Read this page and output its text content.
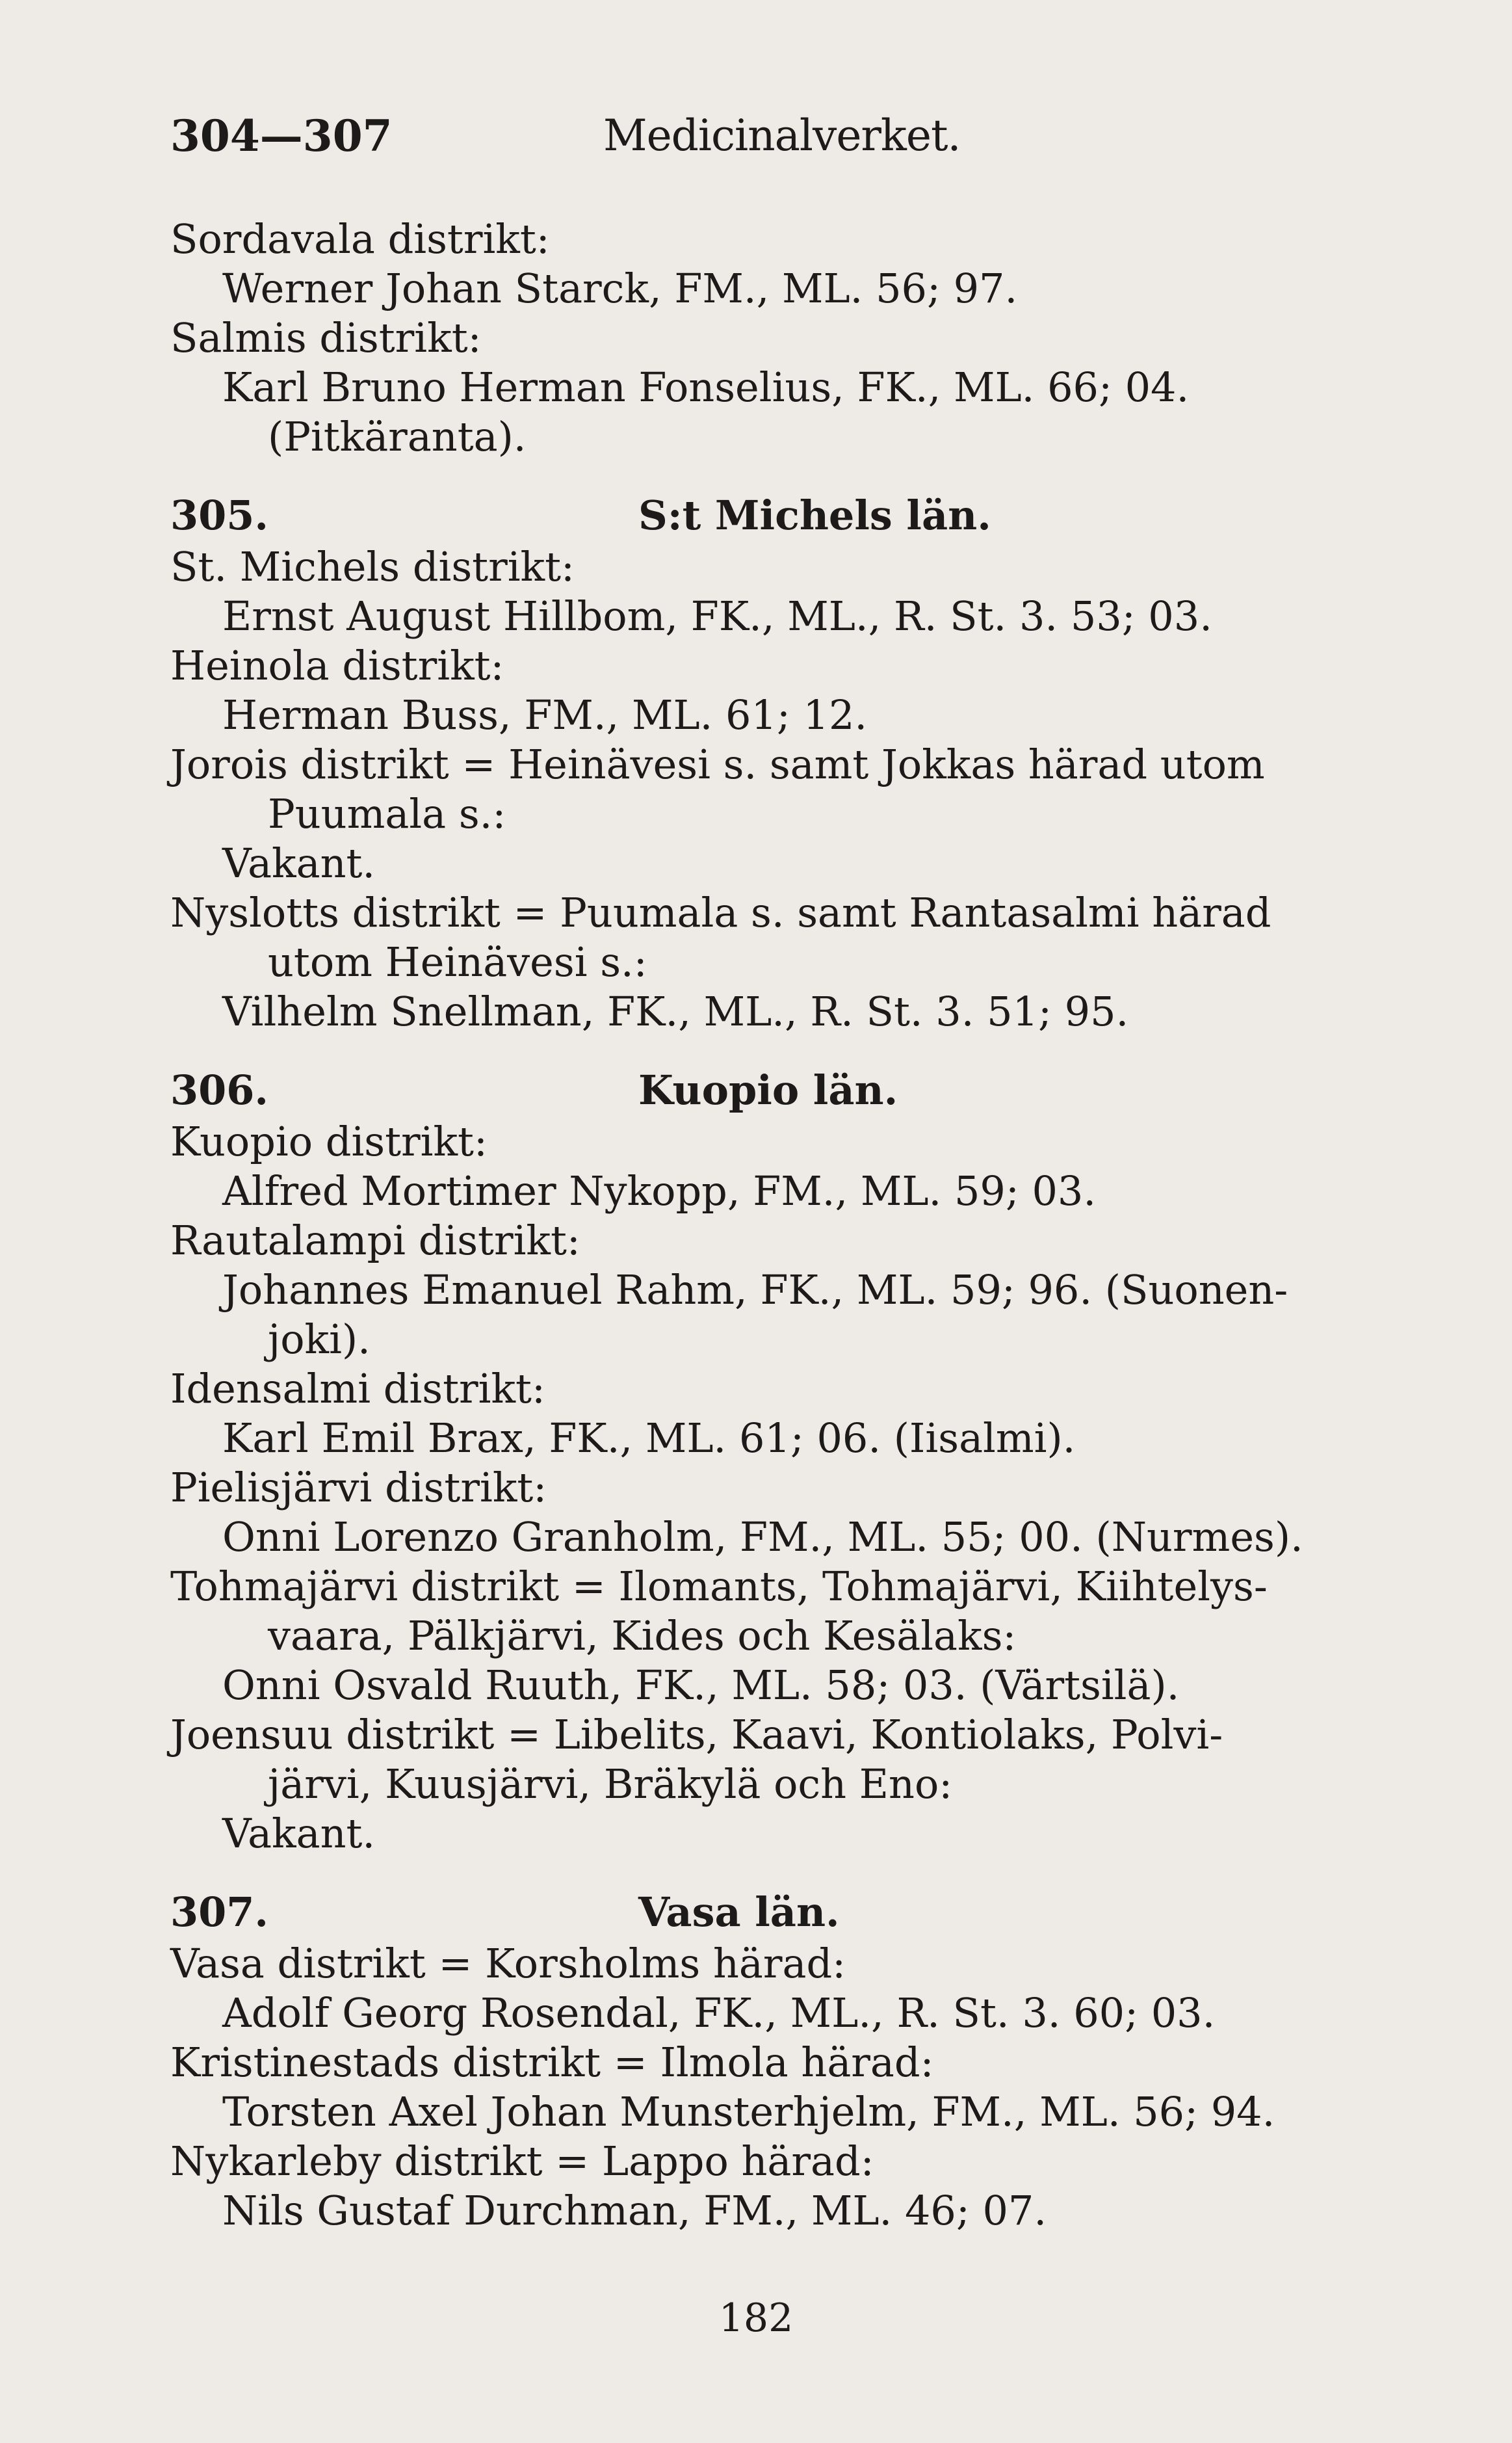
304—307	Medicinalverket.
Sordavala distrikt:
Werner Johan Starck, FM., ML. 56; 97.
Salmis distrikt:
Karl Bruno Herman Fonselius, FK., ML. 66; 04.
(Pitkäranta).
305.	S:t Michels län.
St. Michels distrikt:
Ernst August Hillbom, FK., ML., R. St. 3. 53; 03.
Heinola distrikt:
Herman Buss, FM., ML. 61; 12.
Jorois distrikt = Heinävesi s. samt Jokkas härad utom
Puumala s.:
Vakant.
Nyslotts distrikt = Puumala s. samt Rantasalmi härad
utom Heinävesi s.:
Vilhelm Snellman, FK., ML., R. St. 3. 51; 95.
306.	Kuopio län.
Kuopio distrikt:
Alfred Mortimer Nykopp, FM., ML. 59; 03.
Rautalampi distrikt:
Johannes Emanuel Rahm, FK., ML. 59; 96. (Suonen-
joki).
Idensalmi distrikt:
Karl Emil Brax, FK., ML. 61; 06. (Iisalmi).
Pielisjärvi distrikt:
Onni Lorenzo Granholm, FM., ML. 55; 00. (Nurmes).
Tohmajärvi distrikt = Ilomants, Tohmajärvi, Kiihtelys-
vaara, Pälkjärvi, Kides och Kesälaks:
Onni Osvald Ruuth, FK., ML. 58; 03. (Värtsilä).
Joensuu distrikt = Libelits, Kaavi, Kontiolaks, Polvi-
järvi, Kuusjärvi, Bräkylä och Eno:
Vakant.
307.	Vasa län.
Vasa distrikt = Korsholms härad:
Adolf Georg Rosendal, FK., ML., R. St. 3. 60; 03.
Kristinestads distrikt = Ilmola härad:
Torsten Axel Johan Munsterhjelm, FM., ML. 56; 94.
Nykarleby distrikt = Lappo härad:
Nils Gustaf Durchman, FM., ML. 46; 07.
182
